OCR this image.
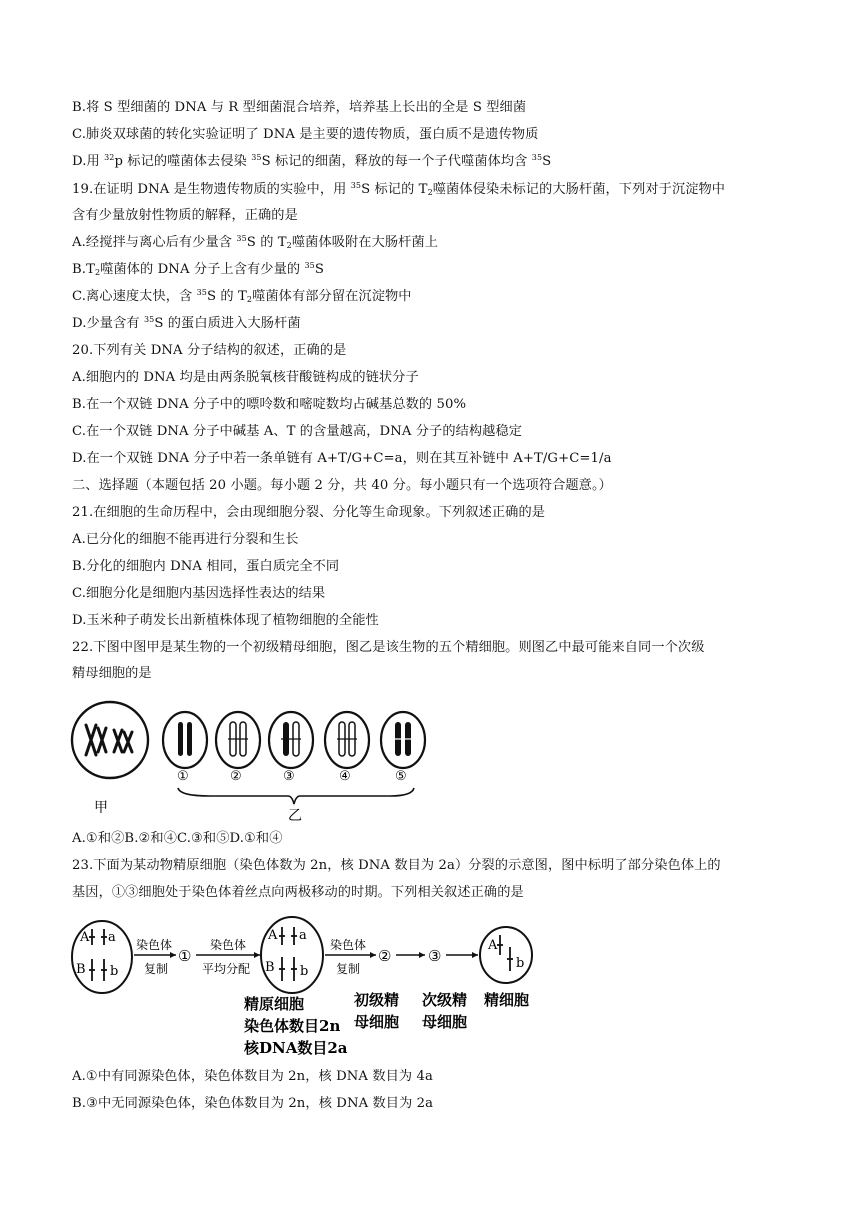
B.将 S 型细菌的 DNA 与 R 型细菌混合培养，培养基上长出的全是 S 型细菌
C.肺炎双球菌的转化实验证明了 DNA 是主要的遗传物质，蛋白质不是遗传物质
D.用 $^{32}$p 标记的噬菌体去侵染 $^{35}$S 标记的细菌，释放的每一个子代噬菌体均含 $^{35}$S
19.在证明 DNA 是生物遗传物质的实验中，用 $^{35}$S 标记的 $T_2$噬菌体侵染未标记的大肠杆菌，下列对于沉淀物中
含有少量放射性物质的解释，正确的是
A.经搅拌与离心后有少量含 $^{35}$S 的 $T_2$噬菌体吸附在大肠杆菌上
$B.T_2$噬菌体的 DNA 分子上含有少量的 $^{35}$S
C.离心速度太快，含 $^{35}$S 的 $T_2$噬菌体有部分留在沉淀物中
D.少量含有 $^{35}$S 的蛋白质进入大肠杆菌
20.下列有关 DNA 分子结构的叙述，正确的是
A.细胞内的 DNA 均是由两条脱氧核苷酸链构成的链状分子
B.在一个双链 DNA 分子中的嘌呤数和嘧啶数均占碱基总数的 50%
C.在一个双链 DNA 分子中碱基 A、T 的含量越高，DNA 分子的结构越稳定
D.在一个双链 DNA 分子中若一条单链有 A+T/G+C=a，则在其互补链中 A+T/G+C=1/a
二、选择题（本题包括 20 小题。每小题 2 分，共 40 分。每小题只有一个选项符合题意。）
21.在细胞的生命历程中，会由现细胞分裂、分化等生命现象。下列叙述正确的是
A.已分化的细胞不能再进行分裂和生长
B.分化的细胞内 DNA 相同，蛋白质完全不同
C.细胞分化是细胞内基因选择性表达的结果
D.玉米种子萌发长出新植株体现了植物细胞的全能性
22.下图中图甲是某生物的一个初级精母细胞，图乙是该生物的五个精细胞。则图乙中最可能来自同一个次级
精母细胞的是
甲
①	②	③	④	⑤
乙
A.①和②B.②和④C.③和⑤D.①和④
23.下面为某动物精原细胞（染色体数为 2n，核 DNA 数目为 2a）分裂的示意图，图中标明了部分染色体上的
基因，①③细胞处于染色体着丝点向两极移动的时期。下列相关叙述正确的是
A a
B b
染色体
复制
①
染色体
平均分配
A a
B b
染色体
复制
② ③
A
b
精原细胞
染色体数目2n
核DNA数目2a
初级精
母细胞
次级精
母细胞
精细胞
A.①中有同源染色体，染色体数目为 2n，核 DNA 数目为 4a
B.③中无同源染色体，染色体数目为 2n，核 DNA 数目为 2a
